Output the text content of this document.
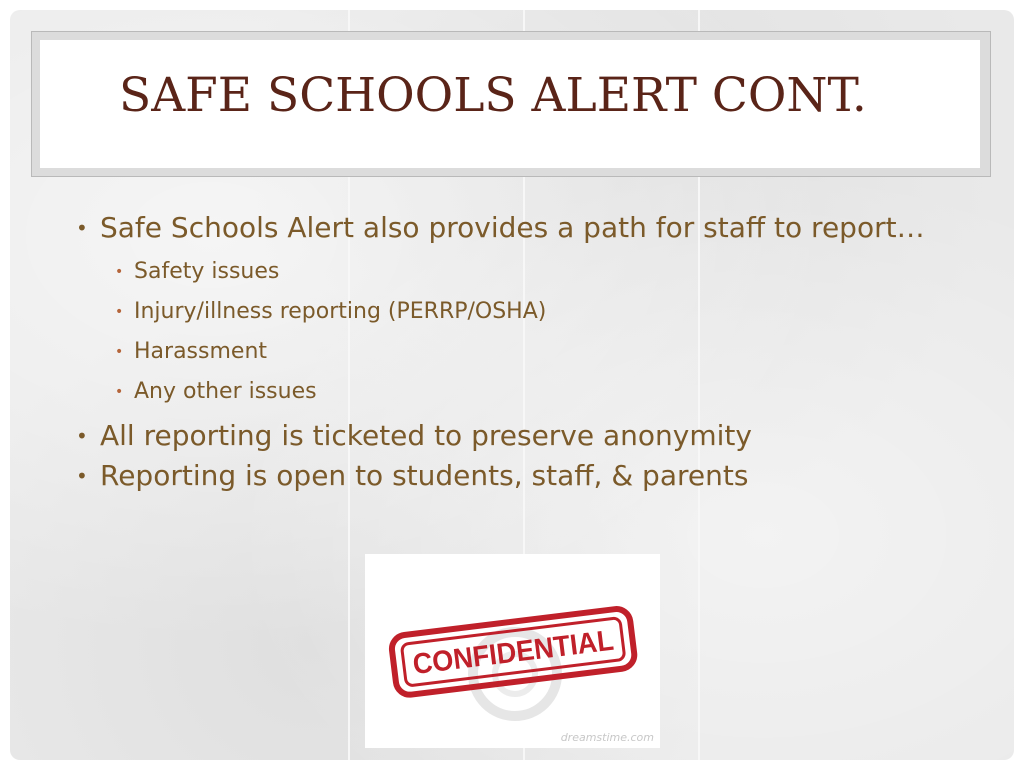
SAFE SCHOOLS ALERT CONT.
• Safe Schools Alert also provides a path for staff to report…
• Safety issues
• Injury/illness reporting (PERRP/OSHA)
• Harassment
• Any other issues
• All reporting is ticketed to preserve anonymity
• Reporting is open to students, staff, & parents
CONFIDENTIAL
dreamstime.com
